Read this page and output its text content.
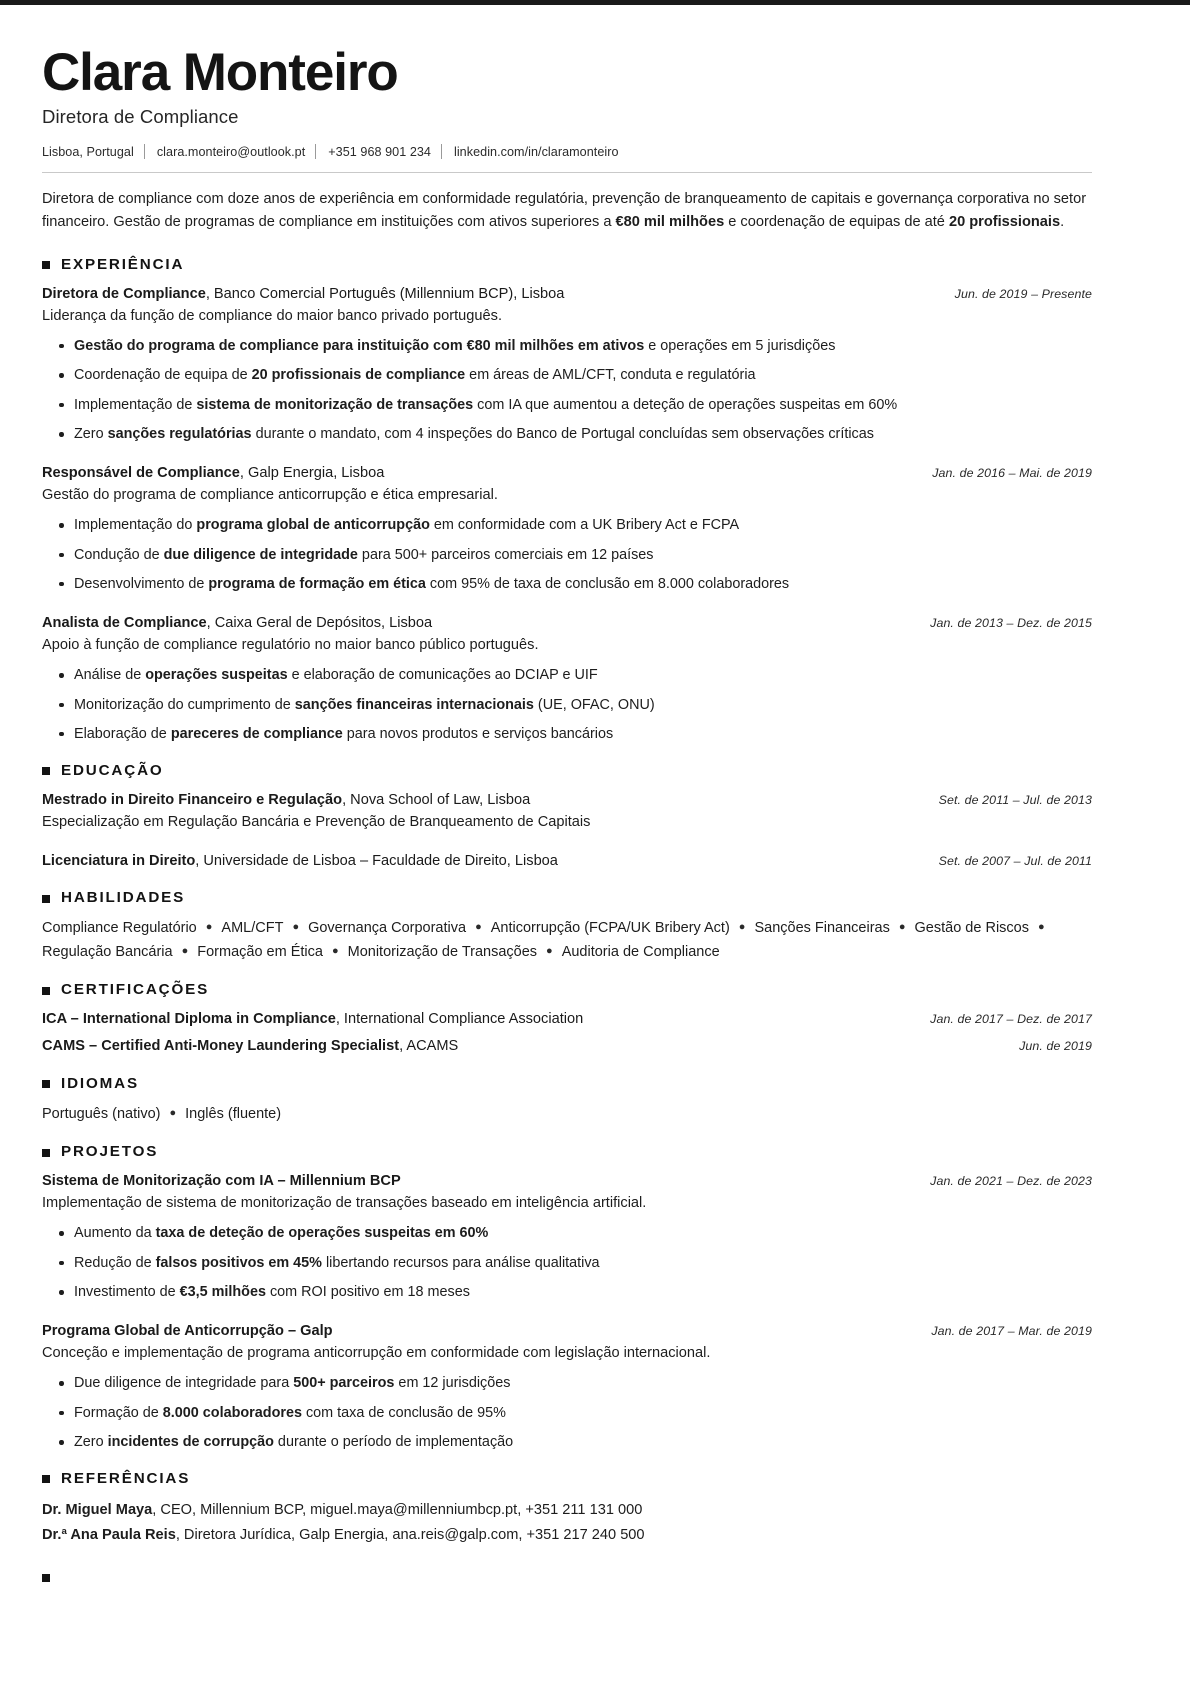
Clara Monteiro
Diretora de Compliance
Lisboa, Portugal clara.monteiro@outlook.pt +351 968 901 234 linkedin.com/in/claramonteiro
Diretora de compliance com doze anos de experiência em conformidade regulatória, prevenção de branqueamento de capitais e governança corporativa no setor financeiro. Gestão de programas de compliance em instituições com ativos superiores a €80 mil milhões e coordenação de equipas de até 20 profissionais.
EXPERIÊNCIA
Diretora de Compliance, Banco Comercial Português (Millennium BCP), Lisboa	Jun. de 2019 – Presente
Liderança da função de compliance do maior banco privado português.
Gestão do programa de compliance para instituição com €80 mil milhões em ativos e operações em 5 jurisdições
Coordenação de equipa de 20 profissionais de compliance em áreas de AML/CFT, conduta e regulatória
Implementação de sistema de monitorização de transações com IA que aumentou a deteção de operações suspeitas em 60%
Zero sanções regulatórias durante o mandato, com 4 inspeções do Banco de Portugal concluídas sem observações críticas
Responsável de Compliance, Galp Energia, Lisboa	Jan. de 2016 – Mai. de 2019
Gestão do programa de compliance anticorrupção e ética empresarial.
Implementação do programa global de anticorrupção em conformidade com a UK Bribery Act e FCPA
Condução de due diligence de integridade para 500+ parceiros comerciais em 12 países
Desenvolvimento de programa de formação em ética com 95% de taxa de conclusão em 8.000 colaboradores
Analista de Compliance, Caixa Geral de Depósitos, Lisboa	Jan. de 2013 – Dez. de 2015
Apoio à função de compliance regulatório no maior banco público português.
Análise de operações suspeitas e elaboração de comunicações ao DCIAP e UIF
Monitorização do cumprimento de sanções financeiras internacionais (UE, OFAC, ONU)
Elaboração de pareceres de compliance para novos produtos e serviços bancários
EDUCAÇÃO
Mestrado in Direito Financeiro e Regulação, Nova School of Law, Lisboa	Set. de 2011 – Jul. de 2013
Especialização em Regulação Bancária e Prevenção de Branqueamento de Capitais
Licenciatura in Direito, Universidade de Lisboa – Faculdade de Direito, Lisboa	Set. de 2007 – Jul. de 2011
HABILIDADES
Compliance Regulatório ● AML/CFT ● Governança Corporativa ● Anticorrupção (FCPA/UK Bribery Act) ● Sanções Financeiras ● Gestão de Riscos ●Regulação Bancária ● Formação em Ética ● Monitorização de Transações ● Auditoria de Compliance
CERTIFICAÇÕES
ICA – International Diploma in Compliance, International Compliance Association	Jan. de 2017 – Dez. de 2017
CAMS – Certified Anti-Money Laundering Specialist, ACAMS	Jun. de 2019
IDIOMAS
Português (nativo) ● Inglês (fluente)
PROJETOS
Sistema de Monitorização com IA – Millennium BCP	Jan. de 2021 – Dez. de 2023
Implementação de sistema de monitorização de transações baseado em inteligência artificial.
Aumento da taxa de deteção de operações suspeitas em 60%
Redução de falsos positivos em 45% libertando recursos para análise qualitativa
Investimento de €3,5 milhões com ROI positivo em 18 meses
Programa Global de Anticorrupção – Galp	Jan. de 2017 – Mar. de 2019
Conceção e implementação de programa anticorrupção em conformidade com legislação internacional.
Due diligence de integridade para 500+ parceiros em 12 jurisdições
Formação de 8.000 colaboradores com taxa de conclusão de 95%
Zero incidentes de corrupção durante o período de implementação
REFERÊNCIAS
Dr. Miguel Maya, CEO, Millennium BCP, miguel.maya@millenniumbcp.pt, +351 211 131 000
Dr.ª Ana Paula Reis, Diretora Jurídica, Galp Energia, ana.reis@galp.com, +351 217 240 500
